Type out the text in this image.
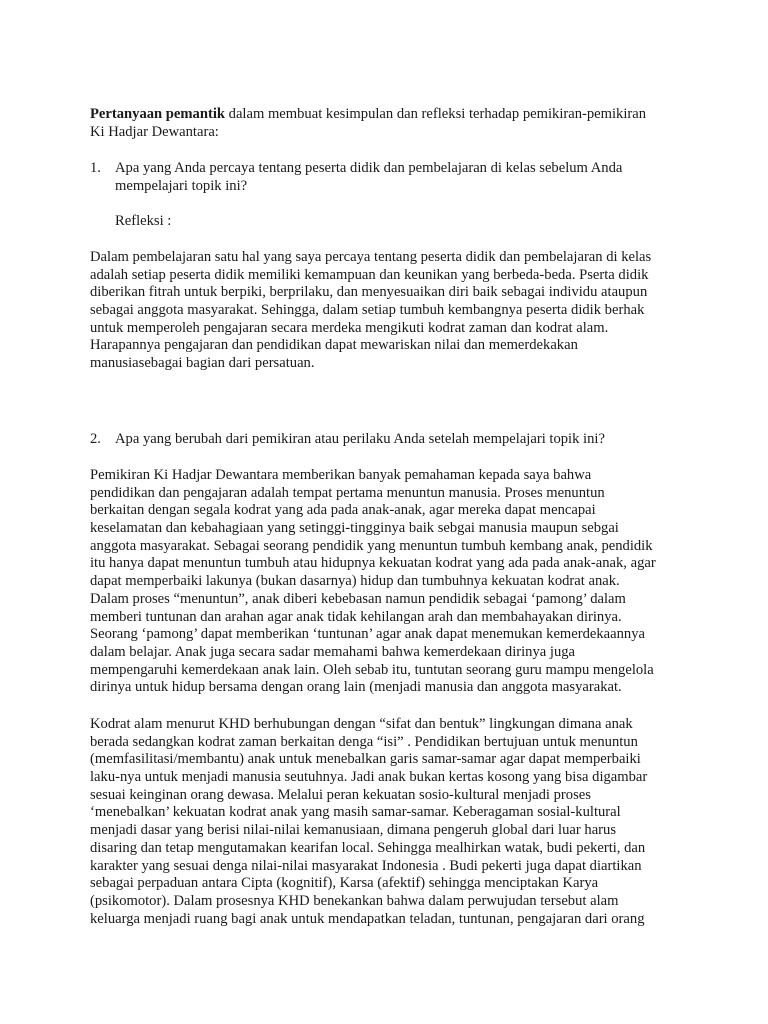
Pertanyaan pemantik dalam membuat kesimpulan dan refleksi terhadap pemikiran-pemikiran
Ki Hadjar Dewantara:
1. Apa yang Anda percaya tentang peserta didik dan pembelajaran di kelas sebelum Anda
mempelajari topik ini?
Refleksi :
Dalam pembelajaran satu hal yang saya percaya tentang peserta didik dan pembelajaran di kelas
adalah setiap peserta didik memiliki kemampuan dan keunikan yang berbeda-beda. Pserta didik
diberikan fitrah untuk berpiki, berprilaku, dan menyesuaikan diri baik sebagai individu ataupun
sebagai anggota masyarakat. Sehingga, dalam setiap tumbuh kembangnya peserta didik berhak
untuk memperoleh pengajaran secara merdeka mengikuti kodrat zaman dan kodrat alam.
Harapannya pengajaran dan pendidikan dapat mewariskan nilai dan memerdekakan
manusiasebagai bagian dari persatuan.
2. Apa yang berubah dari pemikiran atau perilaku Anda setelah mempelajari topik ini?
Pemikiran Ki Hadjar Dewantara memberikan banyak pemahaman kepada saya bahwa
pendidikan dan pengajaran adalah tempat pertama menuntun manusia. Proses menuntun
berkaitan dengan segala kodrat yang ada pada anak-anak, agar mereka dapat mencapai
keselamatan dan kebahagiaan yang setinggi-tingginya baik sebgai manusia maupun sebgai
anggota masyarakat. Sebagai seorang pendidik yang menuntun tumbuh kembang anak, pendidik
itu hanya dapat menuntun tumbuh atau hidupnya kekuatan kodrat yang ada pada anak-anak, agar
dapat memperbaiki lakunya (bukan dasarnya) hidup dan tumbuhnya kekuatan kodrat anak.
Dalam proses “menuntun”, anak diberi kebebasan namun pendidik sebagai ‘pamong’ dalam
memberi tuntunan dan arahan agar anak tidak kehilangan arah dan membahayakan dirinya.
Seorang ‘pamong’ dapat memberikan ‘tuntunan’ agar anak dapat menemukan kemerdekaannya
dalam belajar. Anak juga secara sadar memahami bahwa kemerdekaan dirinya juga
mempengaruhi kemerdekaan anak lain. Oleh sebab itu, tuntutan seorang guru mampu mengelola
dirinya untuk hidup bersama dengan orang lain (menjadi manusia dan anggota masyarakat.
Kodrat alam menurut KHD berhubungan dengan “sifat dan bentuk” lingkungan dimana anak
berada sedangkan kodrat zaman berkaitan denga “isi” . Pendidikan bertujuan untuk menuntun
(memfasilitasi/membantu) anak untuk menebalkan garis samar-samar agar dapat memperbaiki
laku-nya untuk menjadi manusia seutuhnya. Jadi anak bukan kertas kosong yang bisa digambar
sesuai keinginan orang dewasa. Melalui peran kekuatan sosio-kultural menjadi proses
‘menebalkan’ kekuatan kodrat anak yang masih samar-samar. Keberagaman sosial-kultural
menjadi dasar yang berisi nilai-nilai kemanusiaan, dimana pengeruh global dari luar harus
disaring dan tetap mengutamakan kearifan local. Sehingga mealhirkan watak, budi pekerti, dan
karakter yang sesuai denga nilai-nilai masyarakat Indonesia . Budi pekerti juga dapat diartikan
sebagai perpaduan antara Cipta (kognitif), Karsa (afektif) sehingga menciptakan Karya
(psikomotor). Dalam prosesnya KHD benekankan bahwa dalam perwujudan tersebut alam
keluarga menjadi ruang bagi anak untuk mendapatkan teladan, tuntunan, pengajaran dari orang
